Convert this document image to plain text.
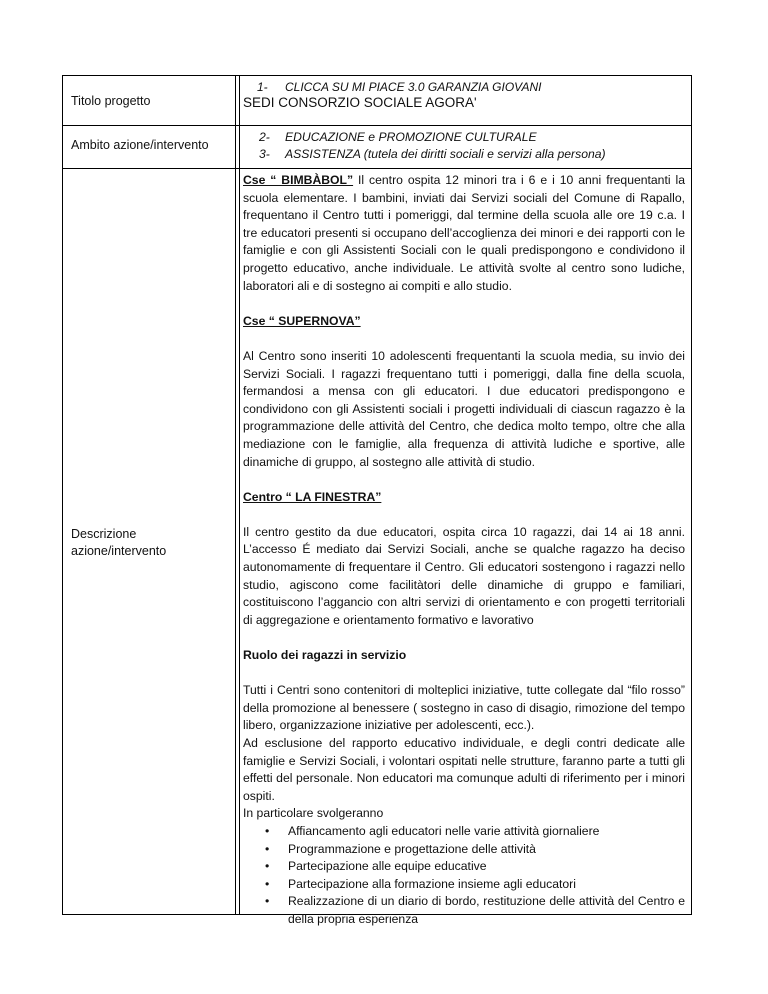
Titolo progetto
1- CLICCA SU MI PIACE 3.0 GARANZIA GIOVANI
SEDI CONSORZIO SOCIALE AGORA'
Ambito azione/intervento
2- EDUCAZIONE e PROMOZIONE CULTURALE
3- ASSISTENZA (tutela dei diritti sociali e servizi alla persona)
Descrizione
azione/intervento

Cse “ BIMBÀBOL” Il centro ospita 12 minori tra i 6 e i 10 anni frequentanti la scuola elementare. I bambini, inviati dai Servizi sociali del Comune di Rapallo, frequentano il Centro tutti i pomeriggi, dal termine della scuola alle ore 19 c.a. I tre educatori presenti si occupano dell’accoglienza dei minori e dei rapporti con le famiglie e con gli Assistenti Sociali con le quali predispongono e condividono il progetto educativo, anche individuale. Le attività svolte al centro sono ludiche, laboratori ali e di sostegno ai compiti e allo studio.

Cse “ SUPERNOVA”

Al Centro sono inseriti 10 adolescenti frequentanti la scuola media, su invio dei Servizi Sociali. I ragazzi frequentano tutti i pomeriggi, dalla fine della scuola, fermandosi a mensa con gli educatori. I due educatori predispongono e condividono con gli Assistenti sociali i progetti individuali di ciascun ragazzo è la programmazione delle attività del Centro, che dedica molto tempo, oltre che alla mediazione con le famiglie, alla frequenza di attività ludiche e sportive, alle dinamiche di gruppo, al sostegno alle attività di studio.

Centro “ LA FINESTRA”

Il centro gestito da due educatori, ospita circa 10 ragazzi, dai 14 ai 18 anni. L’accesso É mediato dai Servizi Sociali, anche se qualche ragazzo ha deciso autonomamente di frequentare il Centro. Gli educatori sostengono i ragazzi nello studio, agiscono come facilitàtori delle dinamiche di gruppo e familiari, costituiscono l’aggancio con altri servizi di orientamento e con progetti territoriali di aggregazione e orientamento formativo e lavorativo

Ruolo dei ragazzi in servizio

Tutti i Centri sono contenitori di molteplici iniziative, tutte collegate dal “filo rosso” della promozione al benessere ( sostegno in caso di disagio, rimozione del tempo libero, organizzazione iniziative per adolescenti, ecc.).

Ad esclusione del rapporto educativo individuale, e degli contri dedicate alle famiglie e Servizi Sociali, i volontari ospitati nelle strutture, faranno parte a tutti gli effetti del personale. Non educatori ma comunque adulti di riferimento per i minori ospiti.

In particolare svolgeranno

• Affiancamento agli educatori nelle varie attività giornaliere
• Programmazione e progettazione delle attività
• Partecipazione alle equipe educative
• Partecipazione alla formazione insieme agli educatori
• Realizzazione di un diario di bordo, restituzione delle attività del Centro e della propria esperienza
